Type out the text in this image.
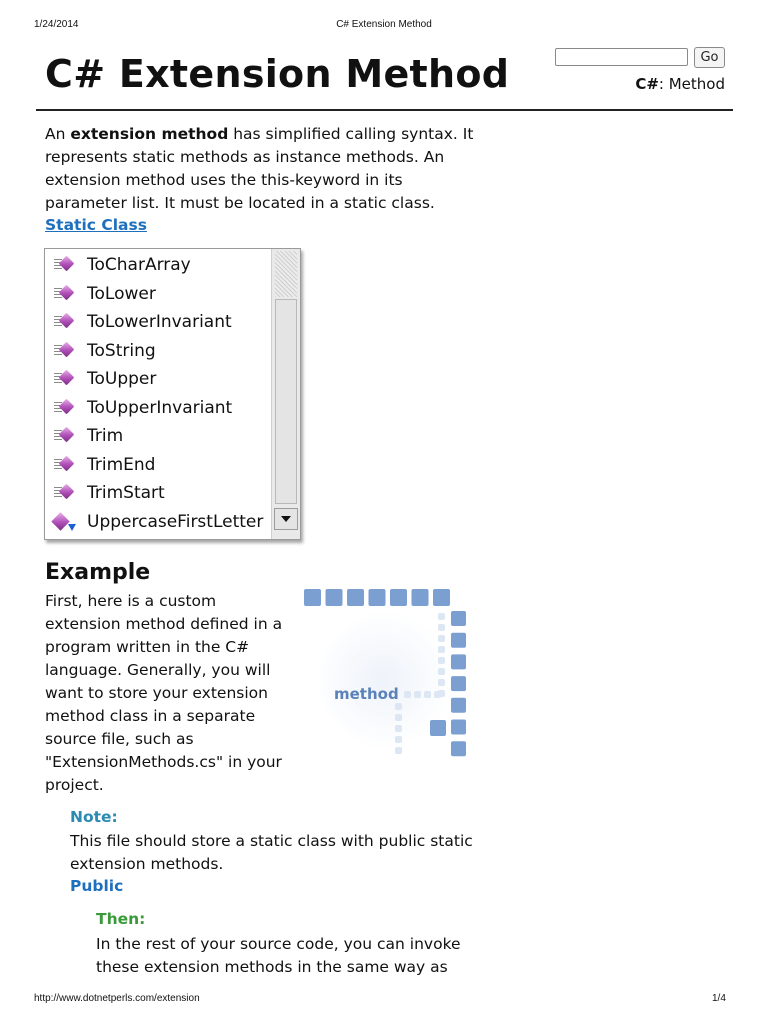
1/24/2014	C# Extension Method
http://www.dotnetperls.com/extension	1/4
C# Extension Method	Go
C#: Method

An extension method has simplified calling syntax. It represents static methods as instance methods. An extension method uses the this-keyword in its parameter list. It must be located in a static class.

Static Class
ToCharArray
ToLower
ToLowerInvariant
ToString
ToUpper
ToUpperInvariant
Trim
TrimEnd
TrimStart
UppercaseFirstLetter
Example

First, here is a custom extension method defined in a program written in the C# language. Generally, you will want to store your extension method class in a separate source file, such as "ExtensionMethods.cs" in your project.

method
Note:

This file should store a static class with public static extension methods.

Public
Then:

In the rest of your source code, you can invoke these extension methods in the same way as
